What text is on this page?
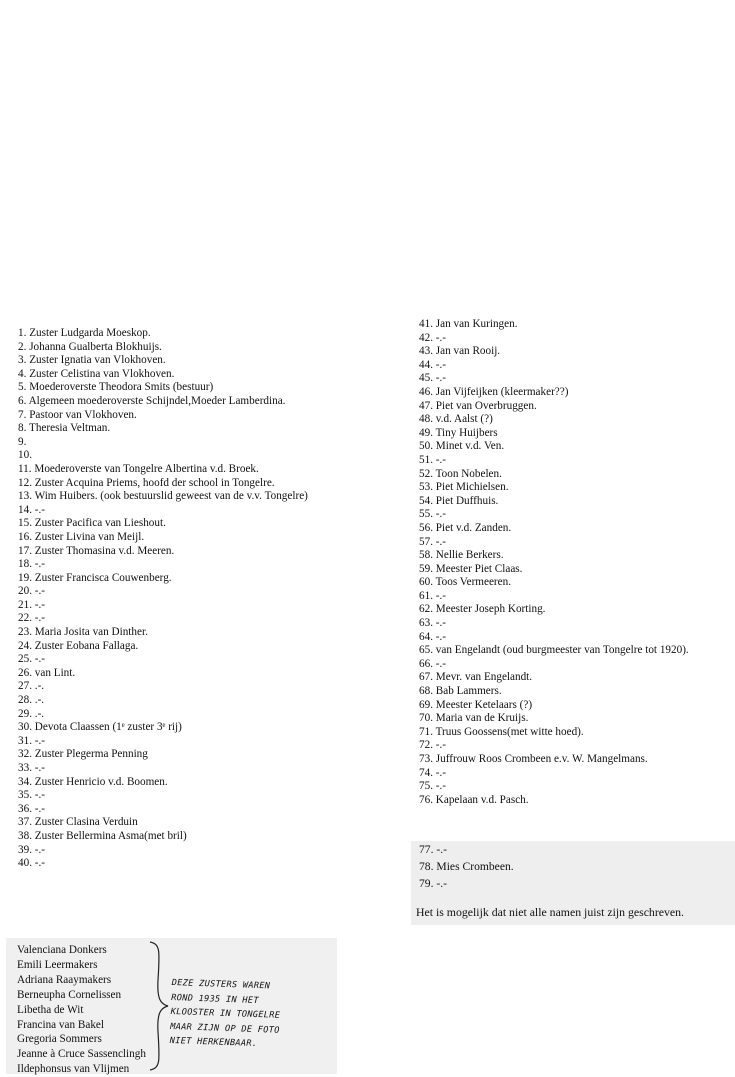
1. Zuster Ludgarda Moeskop.
2. Johanna Gualberta Blokhuijs.
3. Zuster Ignatia van Vlokhoven.
4. Zuster Celistina van Vlokhoven.
5. Moederoverste Theodora Smits (bestuur)
6. Algemeen moederoverste Schijndel,Moeder Lamberdina.
7. Pastoor van Vlokhoven.
8. Theresia Veltman.
9.
10.
11. Moederoverste van Tongelre Albertina v.d. Broek.
12. Zuster Acquina Priems, hoofd der school in Tongelre.
13. Wim Huibers. (ook bestuurslid geweest van de v.v. Tongelre)
14. -.-
15. Zuster Pacifica van Lieshout.
16. Zuster Livina van Meijl.
17. Zuster Thomasina v.d. Meeren.
18. -.-
19. Zuster Francisca Couwenberg.
20. -.-
21. -.-
22. -.-
23. Maria Josita van Dinther.
24. Zuster Eobana Fallaga.
25. -.-
26. van Lint.
27. .-.
28. .-.
29. .-.
30. Devota Claassen (1ᵉ zuster 3ᵉ rij)
31. -.-
32. Zuster Plegerma Penning
33. -.-
34. Zuster Henricio v.d. Boomen.
35. -.-
36. -.-
37. Zuster Clasina Verduin
38. Zuster Bellermina Asma(met bril)
39. -.-
40. -.-
41. Jan van Kuringen.
42. -.-
43. Jan van Rooij.
44. -.-
45. -.-
46. Jan Vijfeijken (kleermaker??)
47. Piet van Overbruggen.
48. v.d. Aalst (?)
49. Tiny Huijbers
50. Minet v.d. Ven.
51. -.-
52. Toon Nobelen.
53. Piet Michielsen.
54. Piet Duffhuis.
55. -.-
56. Piet v.d. Zanden.
57. -.-
58. Nellie Berkers.
59. Meester Piet Claas.
60. Toos Vermeeren.
61. -.-
62. Meester Joseph Korting.
63. -.-
64. -.-
65. van Engelandt (oud burgmeester van Tongelre tot 1920).
66. -.-
67. Mevr. van Engelandt.
68. Bab Lammers.
69. Meester Ketelaars (?)
70. Maria van de Kruijs.
71. Truus Goossens(met witte hoed).
72. -.-
73. Juffrouw Roos Crombeen e.v. W. Mangelmans.
74. -.-
75. -.-
76. Kapelaan v.d. Pasch.
77. -.-
78. Mies Crombeen.
79. -.-
Het is mogelijk dat niet alle namen juist zijn geschreven.
Valenciana Donkers
Emili Leermakers
Adriana Raaymakers
Berneupha Cornelissen
Libetha de Wit
Francina van Bakel
Gregoria Sommers
Jeanne à Cruce Sassenclingh
Ildephonsus van Vlijmen
DEZE ZUSTERS WAREN
ROND 1935 IN HET
KLOOSTER IN TONGELRE
MAAR ZIJN OP DE FOTO
NIET HERKENBAAR.
